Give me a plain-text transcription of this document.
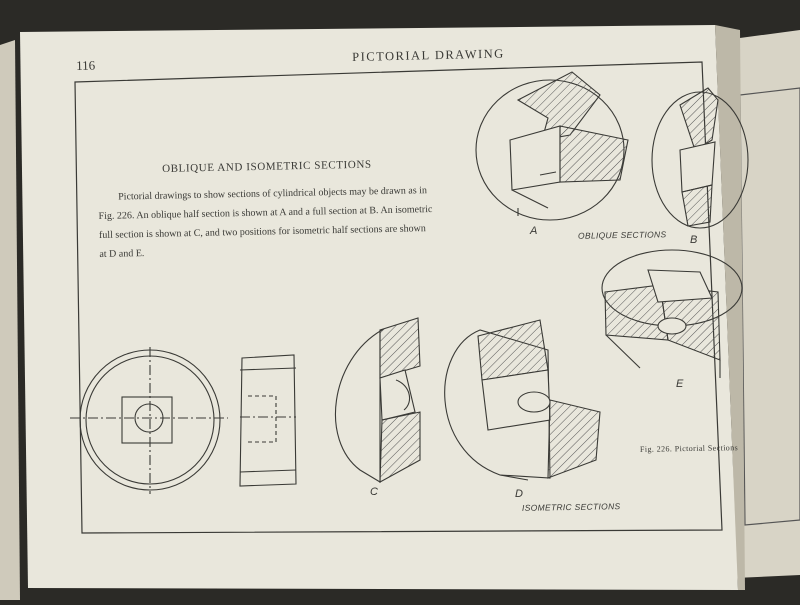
116
PICTORIAL DRAWING
OBLIQUE AND ISOMETRIC SECTIONS

Pictorial drawings to show sections of cylindrical objects may be drawn as in Fig. 226. An oblique half section is shown at A and a full section at B. An isometric full section is shown at C, and two positions for isometric half sections are shown at D and E.

A	OBLIQUE SECTIONS B
E
C	D
ISOMETRIC SECTIONS
Fig. 226. Pictorial Sections
